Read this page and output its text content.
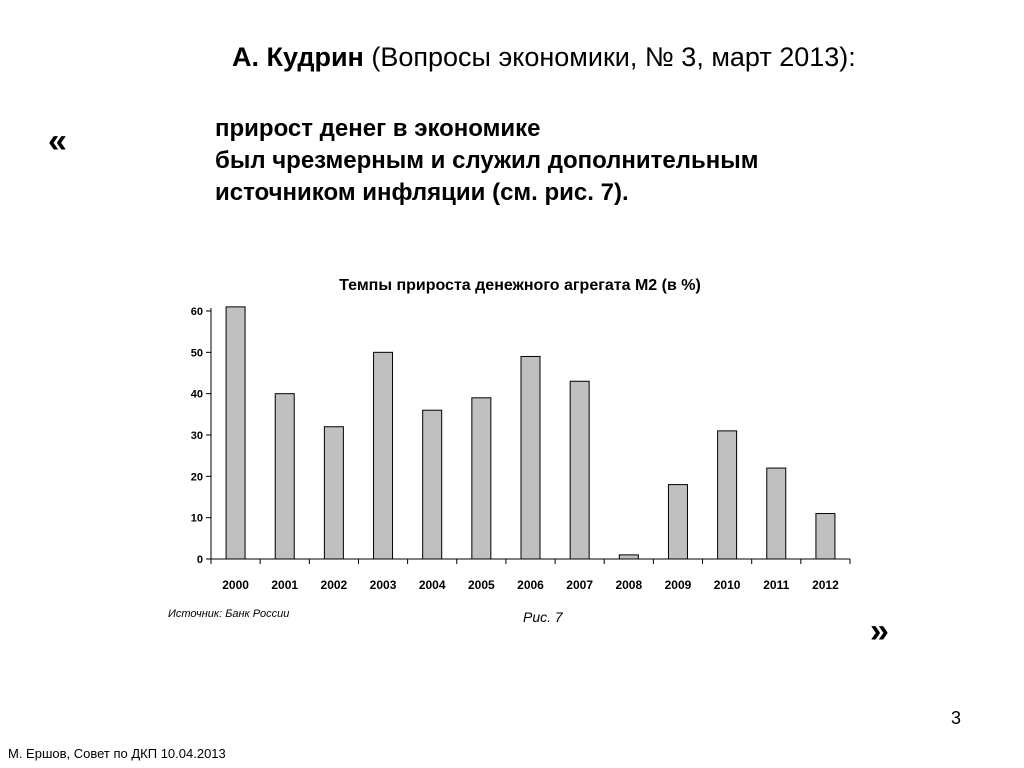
А. Кудрин (Вопросы экономики, № 3, март 2013):
«	прирост денег в экономике
был чрезмерным и служил дополнительным
источником инфляции (см. рис. 7).
Темпы прироста денежного агрегата М2 (в %)
0
10
20
30
40
50
60
2000 2001 2002 2003 2004 2005 2006 2007 2008 2009 2010 2011 2012
Источник: Банк России	Рис. 7	»
3
М. Ершов, Совет по ДКП 10.04.2013
